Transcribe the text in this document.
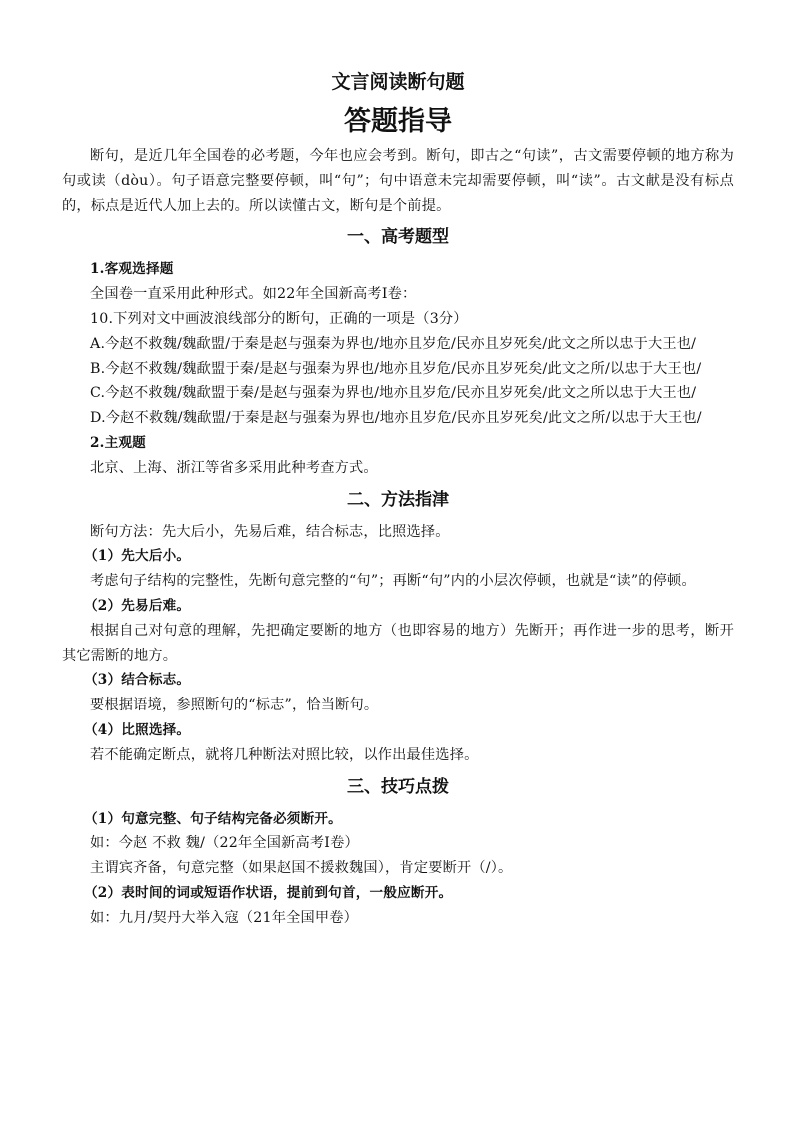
文言阅读断句题
答题指导

断句，是近几年全国卷的必考题，今年也应会考到。断句，即古之“句读”，古文需要停顿的地方称为句或读（dòu）。句子语意完整要停顿，叫“句”；句中语意未完却需要停顿，叫“读”。古文献是没有标点的，标点是近代人加上去的。所以读懂古文，断句是个前提。

一、高考题型

1.客观选择题

全国卷一直采用此种形式。如22年全国新高考Ⅰ卷：

10.下列对文中画波浪线部分的断句，正确的一项是（3分）

A.今赵不救魏/魏歃盟/于秦是赵与强秦为界也/地亦且岁危/民亦且岁死矣/此文之所以忠于大王也/

B.今赵不救魏/魏歃盟于秦/是赵与强秦为界也/地亦且岁危/民亦且岁死矣/此文之所/以忠于大王也/

C.今赵不救魏/魏歃盟于秦/是赵与强秦为界也/地亦且岁危/民亦且岁死矣/此文之所以忠于大王也/

D.今赵不救魏/魏歃盟/于秦是赵与强秦为界也/地亦且岁危/民亦且岁死矣/此文之所/以忠于大王也/

2.主观题

北京、上海、浙江等省多采用此种考查方式。

二、方法指津

断句方法：先大后小，先易后难，结合标志，比照选择。

（1）先大后小。

考虑句子结构的完整性，先断句意完整的“句”；再断“句”内的小层次停顿，也就是“读”的停顿。

（2）先易后难。

根据自己对句意的理解，先把确定要断的地方（也即容易的地方）先断开；再作进一步的思考，断开其它需断的地方。

（3）结合标志。

要根据语境，参照断句的“标志”，恰当断句。

（4）比照选择。

若不能确定断点，就将几种断法对照比较，以作出最佳选择。

三、技巧点拨

（1）句意完整、句子结构完备必须断开。

如：今赵 不救 魏/（22年全国新高考Ⅰ卷）

主谓宾齐备，句意完整（如果赵国不援救魏国），肯定要断开（/）。

（2）表时间的词或短语作状语，提前到句首，一般应断开。

如：九月/契丹大举入寇（21年全国甲卷）
